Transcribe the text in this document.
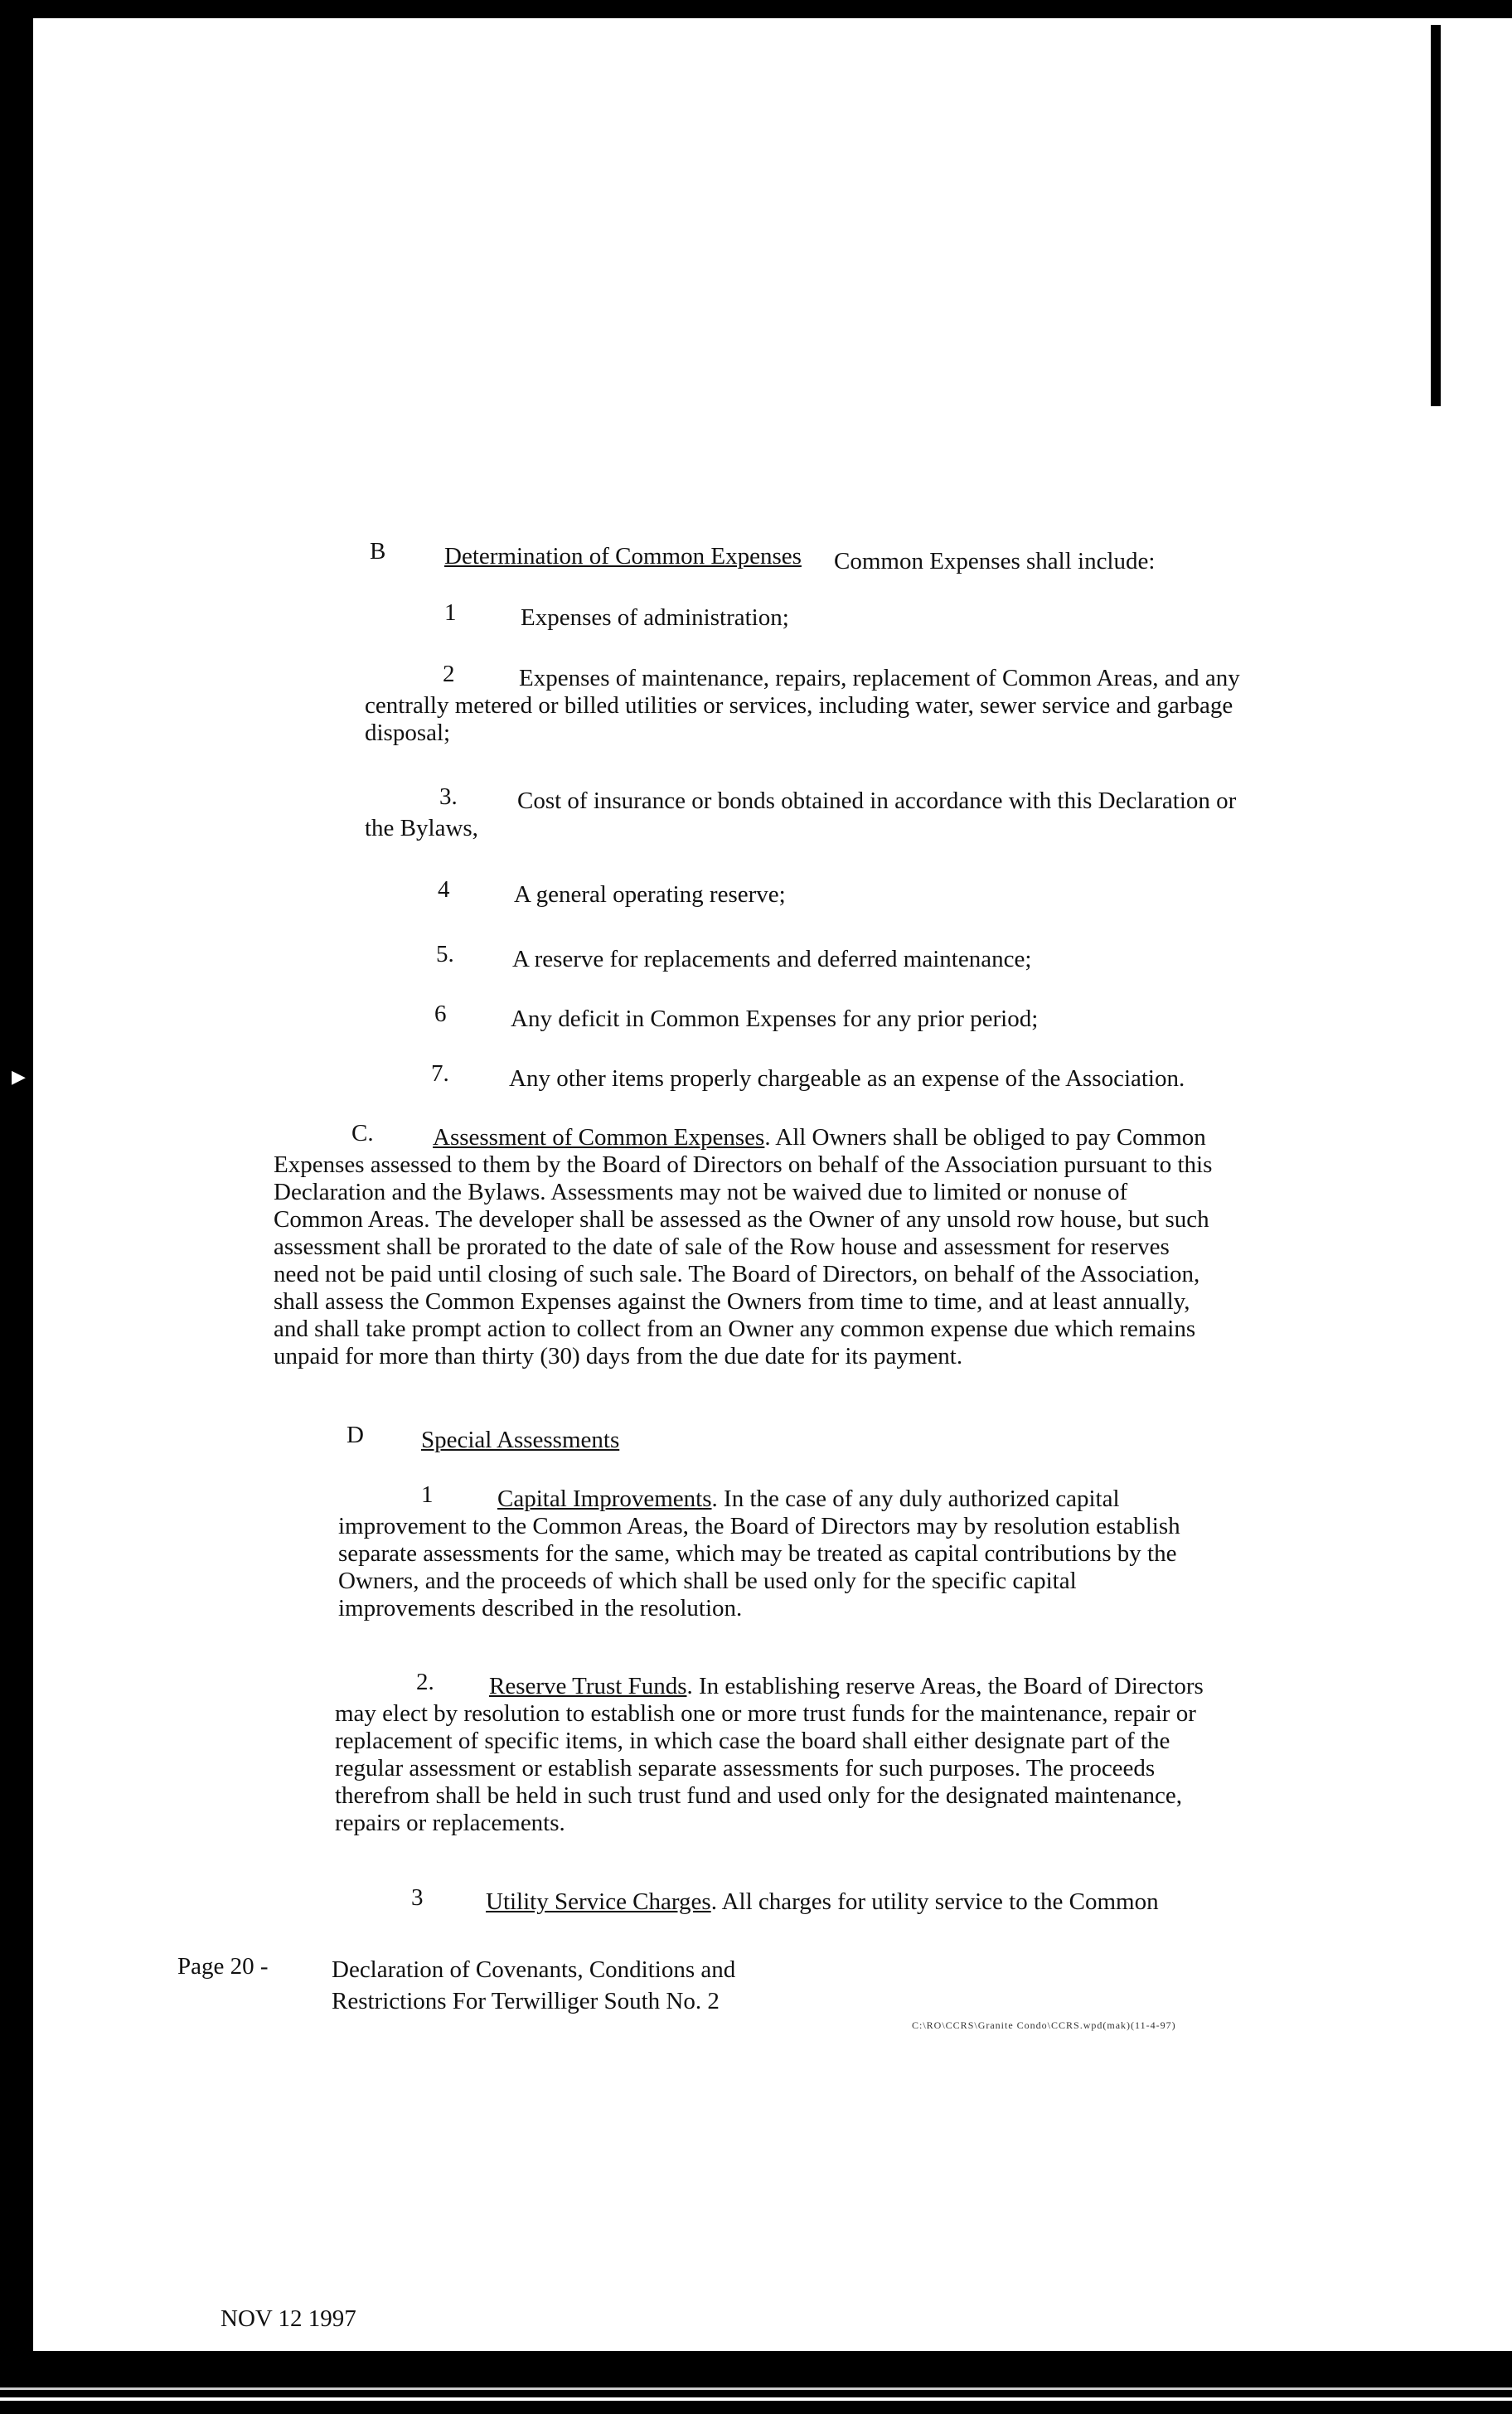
▶
B Determination of Common Expenses Common Expenses shall include:
1	Expenses of administration;
2	Expenses of maintenance, repairs, replacement of Common Areas, and any
centrally metered or billed utilities or services, including water, sewer service and garbage
disposal;
3.	Cost of insurance or bonds obtained in accordance with this Declaration or
the Bylaws,
4	A general operating reserve;
5. A reserve for replacements and deferred maintenance;
6	Any deficit in Common Expenses for any prior period;
7. Any other items properly chargeable as an expense of the Association.
C.	Assessment of Common Expenses. All Owners shall be obliged to pay Common
Expenses assessed to them by the Board of Directors on behalf of the Association pursuant to this
Declaration and the Bylaws. Assessments may not be waived due to limited or nonuse of
Common Areas. The developer shall be assessed as the Owner of any unsold row house, but such
assessment shall be prorated to the date of sale of the Row house and assessment for reserves
need not be paid until closing of such sale. The Board of Directors, on behalf of the Association,
shall assess the Common Expenses against the Owners from time to time, and at least annually,
and shall take prompt action to collect from an Owner any common expense due which remains
unpaid for more than thirty (30) days from the due date for its payment.
D Special Assessments
1	Capital Improvements. In the case of any duly authorized capital
improvement to the Common Areas, the Board of Directors may by resolution establish
separate assessments for the same, which may be treated as capital contributions by the
Owners, and the proceeds of which shall be used only for the specific capital
improvements described in the resolution.
2.	Reserve Trust Funds. In establishing reserve Areas, the Board of Directors
may elect by resolution to establish one or more trust funds for the maintenance, repair or
replacement of specific items, in which case the board shall either designate part of the
regular assessment or establish separate assessments for such purposes. The proceeds
therefrom shall be held in such trust fund and used only for the designated maintenance,
repairs or replacements.
3	Utility Service Charges. All charges for utility service to the Common
Page 20 -	Declaration of Covenants, Conditions and
Restrictions For Terwilliger South No. 2
C:\RO\CCRS\Granite Condo\CCRS.wpd(mak)(11-4-97)
NOV 12 1997
